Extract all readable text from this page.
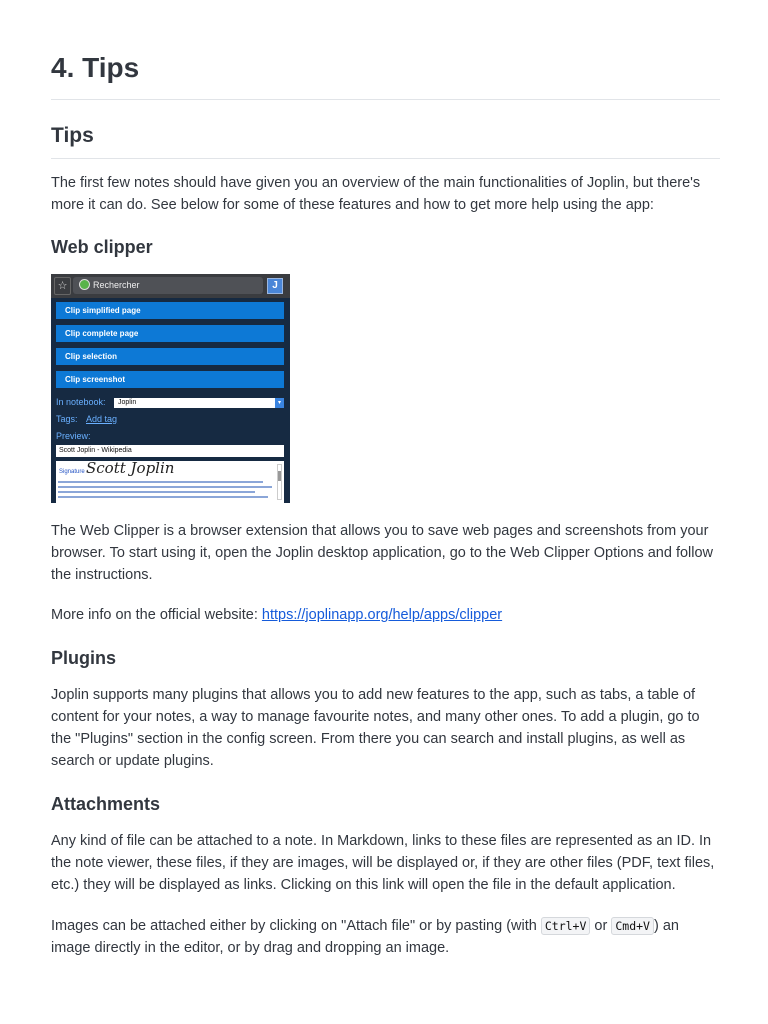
4. Tips
Tips

The first few notes should have given you an overview of the main functionalities of Joplin, but there's more it can do. See below for some of these features and how to get more help using the app:

Web clipper
☆	Rechercher	J
Clip simplified page
Clip complete page
Clip selection
Clip screenshot
In notebook:	Joplin	▾
Tags: Add tag
Preview:
Scott Joplin - Wikipedia
Signature Scott Joplin

The Web Clipper is a browser extension that allows you to save web pages and screenshots from your browser. To start using it, open the Joplin desktop application, go to the Web Clipper Options and follow the instructions.

More info on the official website: https://joplinapp.org/help/apps/clipper

Plugins

Joplin supports many plugins that allows you to add new features to the app, such as tabs, a table of content for your notes, a way to manage favourite notes, and many other ones. To add a plugin, go to the "Plugins" section in the config screen. From there you can search and install plugins, as well as search or update plugins.

Attachments

Any kind of file can be attached to a note. In Markdown, links to these files are represented as an ID. In the note viewer, these files, if they are images, will be displayed or, if they are other files (PDF, text files, etc.) they will be displayed as links. Clicking on this link will open the file in the default application.

Images can be attached either by clicking on "Attach file" or by pasting (with Ctrl+V or Cmd+V ) an image directly in the editor, or by drag and dropping an image.
